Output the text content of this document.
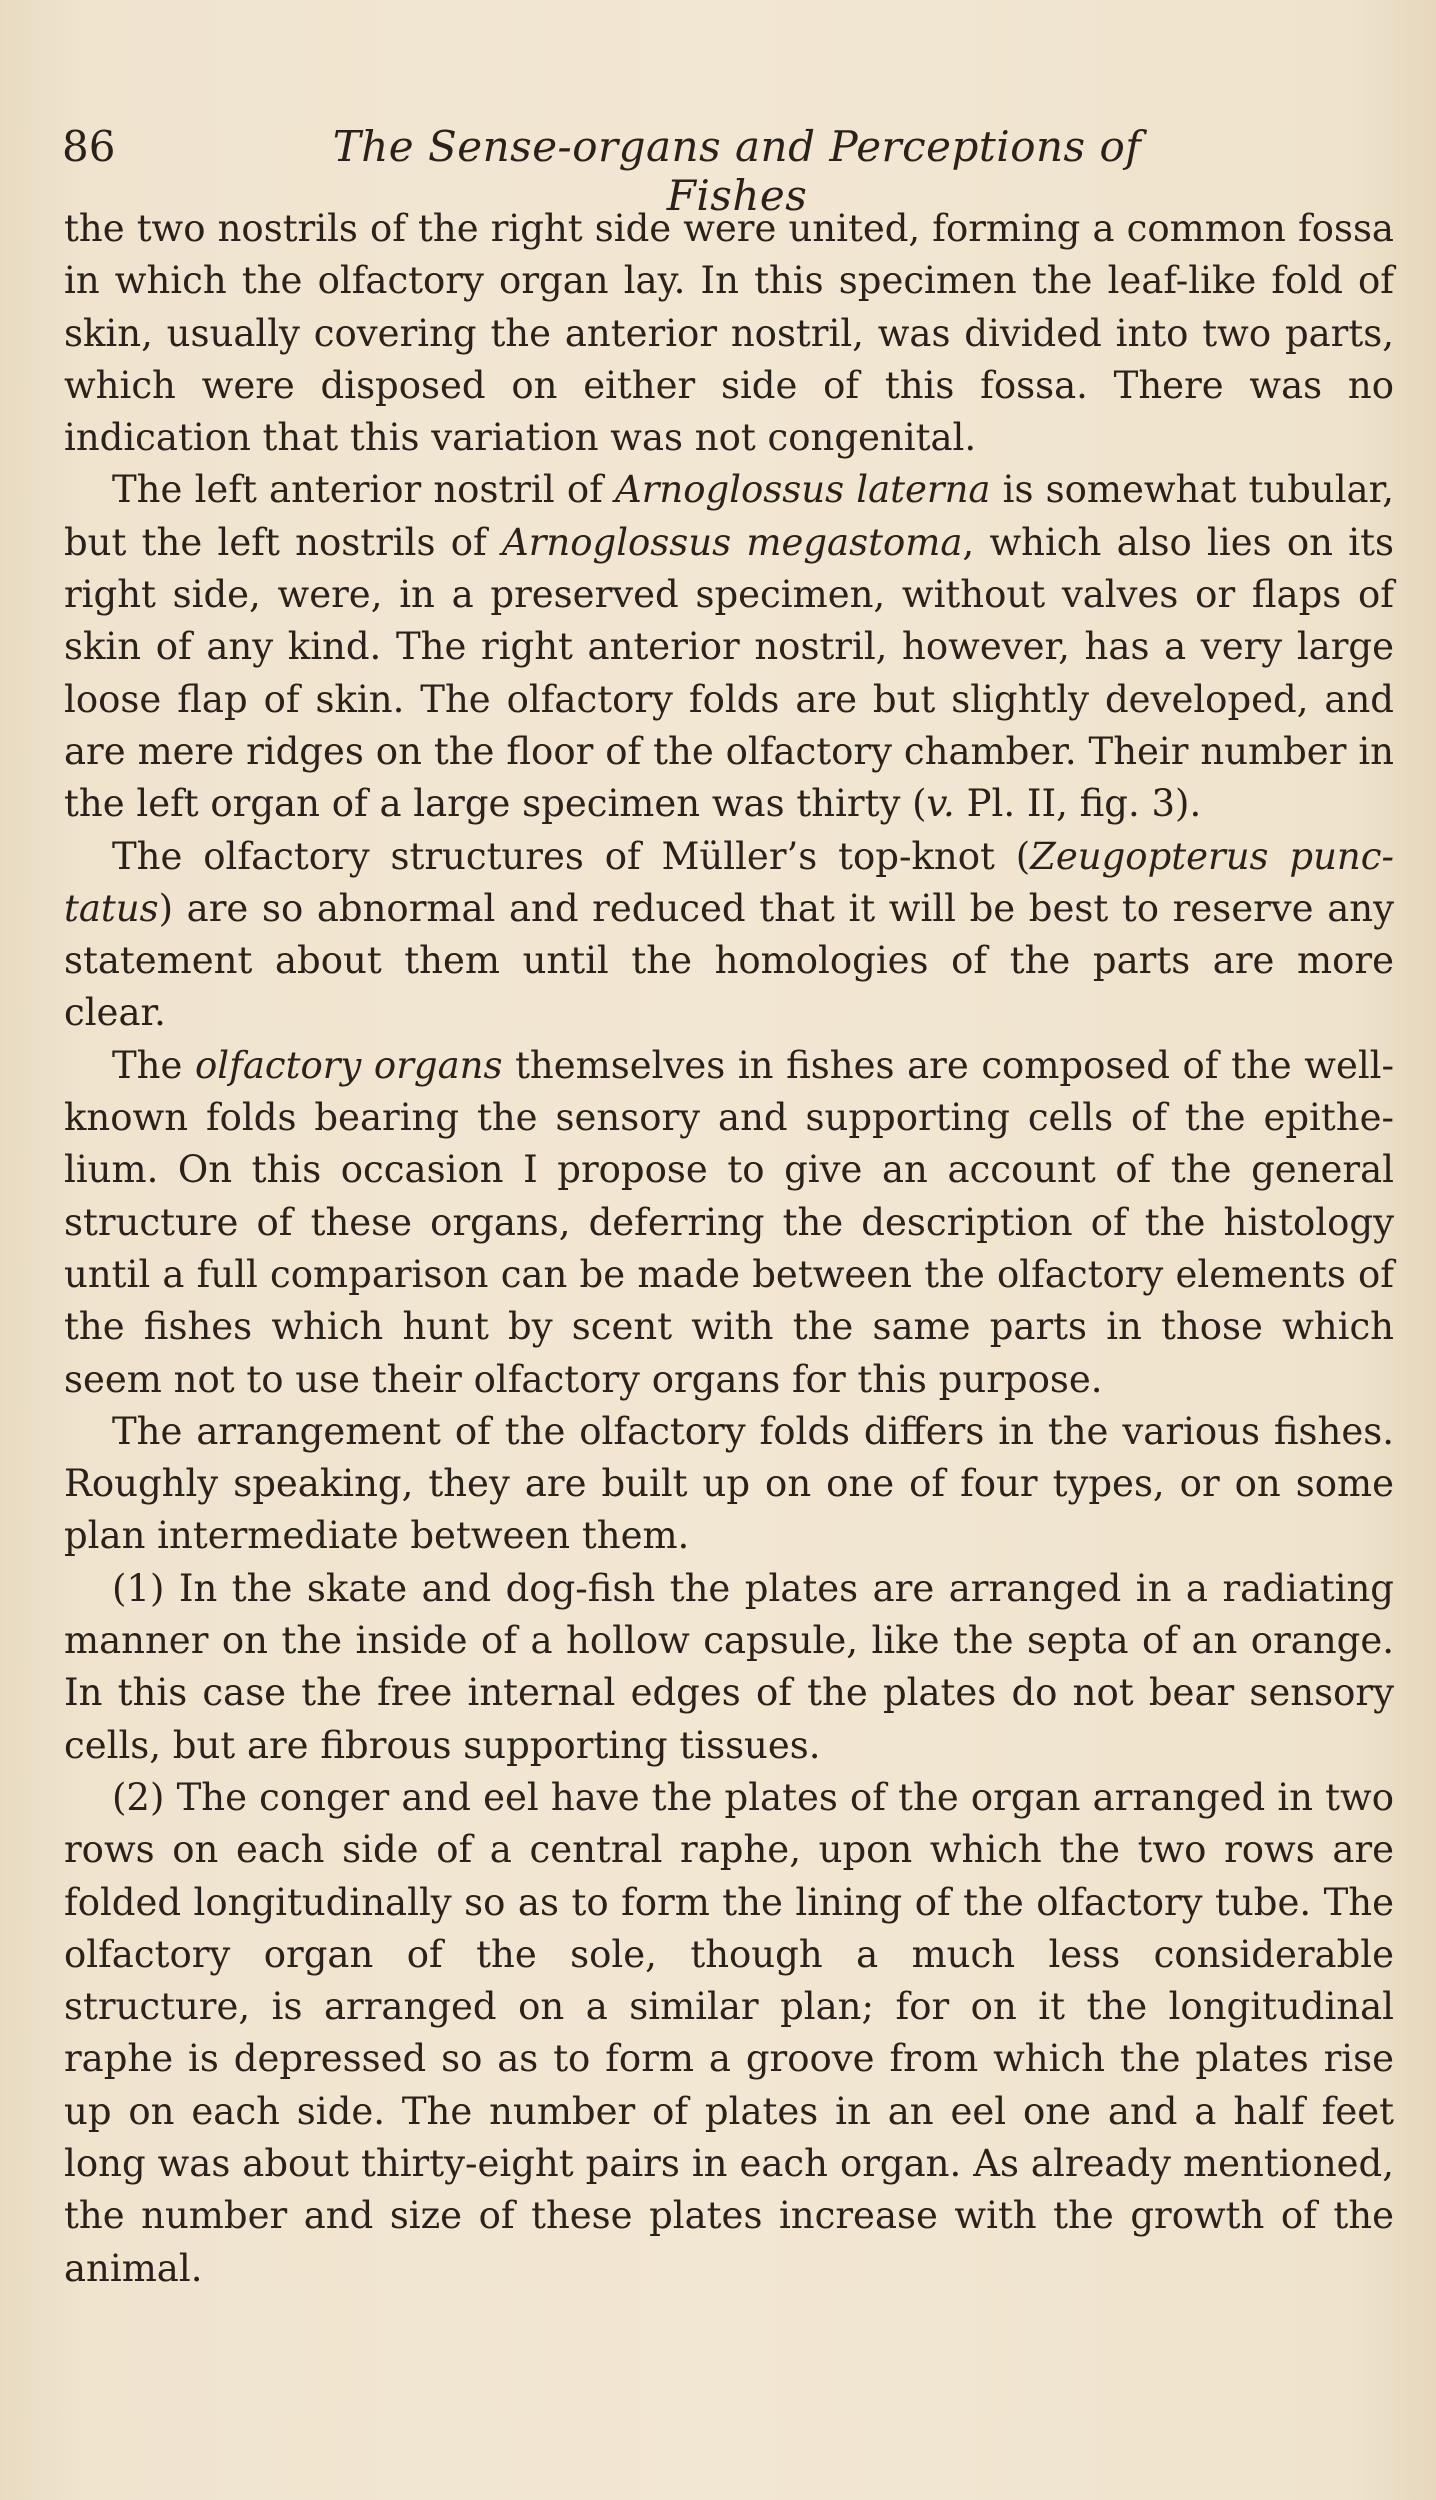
86	The Sense-organs and Perceptions of Fishes

the two nostrils of the right side were united, forming a common fossa in which the olfactory organ lay. In this specimen the leaf-like fold of skin, usually covering the anterior nostril, was divided into two parts, which were disposed on either side of this fossa. There was no indication that this variation was not congenital.

The left anterior nostril of Arnoglossus laterna is somewhat tubular, but the left nostrils of Arnoglossus megastoma, which also lies on its right side, were, in a preserved specimen, without valves or flaps of skin of any kind. The right anterior nostril, however, has a very large loose flap of skin. The olfactory folds are but slightly developed, and are mere ridges on the floor of the olfactory chamber. Their number in the left organ of a large specimen was thirty (v. Pl. II, fig. 3).

The olfactory structures of Müller’s top-knot (Zeugopterus punctatus) are so abnormal and reduced that it will be best to reserve any statement about them until the homologies of the parts are more clear.

The olfactory organs themselves in fishes are composed of the well-known folds bearing the sensory and supporting cells of the epithelium. On this occasion I propose to give an account of the general structure of these organs, deferring the description of the histology until a full comparison can be made between the olfactory elements of the fishes which hunt by scent with the same parts in those which seem not to use their olfactory organs for this purpose.

The arrangement of the olfactory folds differs in the various fishes. Roughly speaking, they are built up on one of four types, or on some plan intermediate between them.

(1) In the skate and dog-fish the plates are arranged in a radiating manner on the inside of a hollow capsule, like the septa of an orange. In this case the free internal edges of the plates do not bear sensory cells, but are fibrous supporting tissues.

(2) The conger and eel have the plates of the organ arranged in two rows on each side of a central raphe, upon which the two rows are folded longitudinally so as to form the lining of the olfactory tube. The olfactory organ of the sole, though a much less considerable structure, is arranged on a similar plan; for on it the longitudinal raphe is depressed so as to form a groove from which the plates rise up on each side. The number of plates in an eel one and a half feet long was about thirty-eight pairs in each organ. As already mentioned, the number and size of these plates increase with the growth of the animal.
